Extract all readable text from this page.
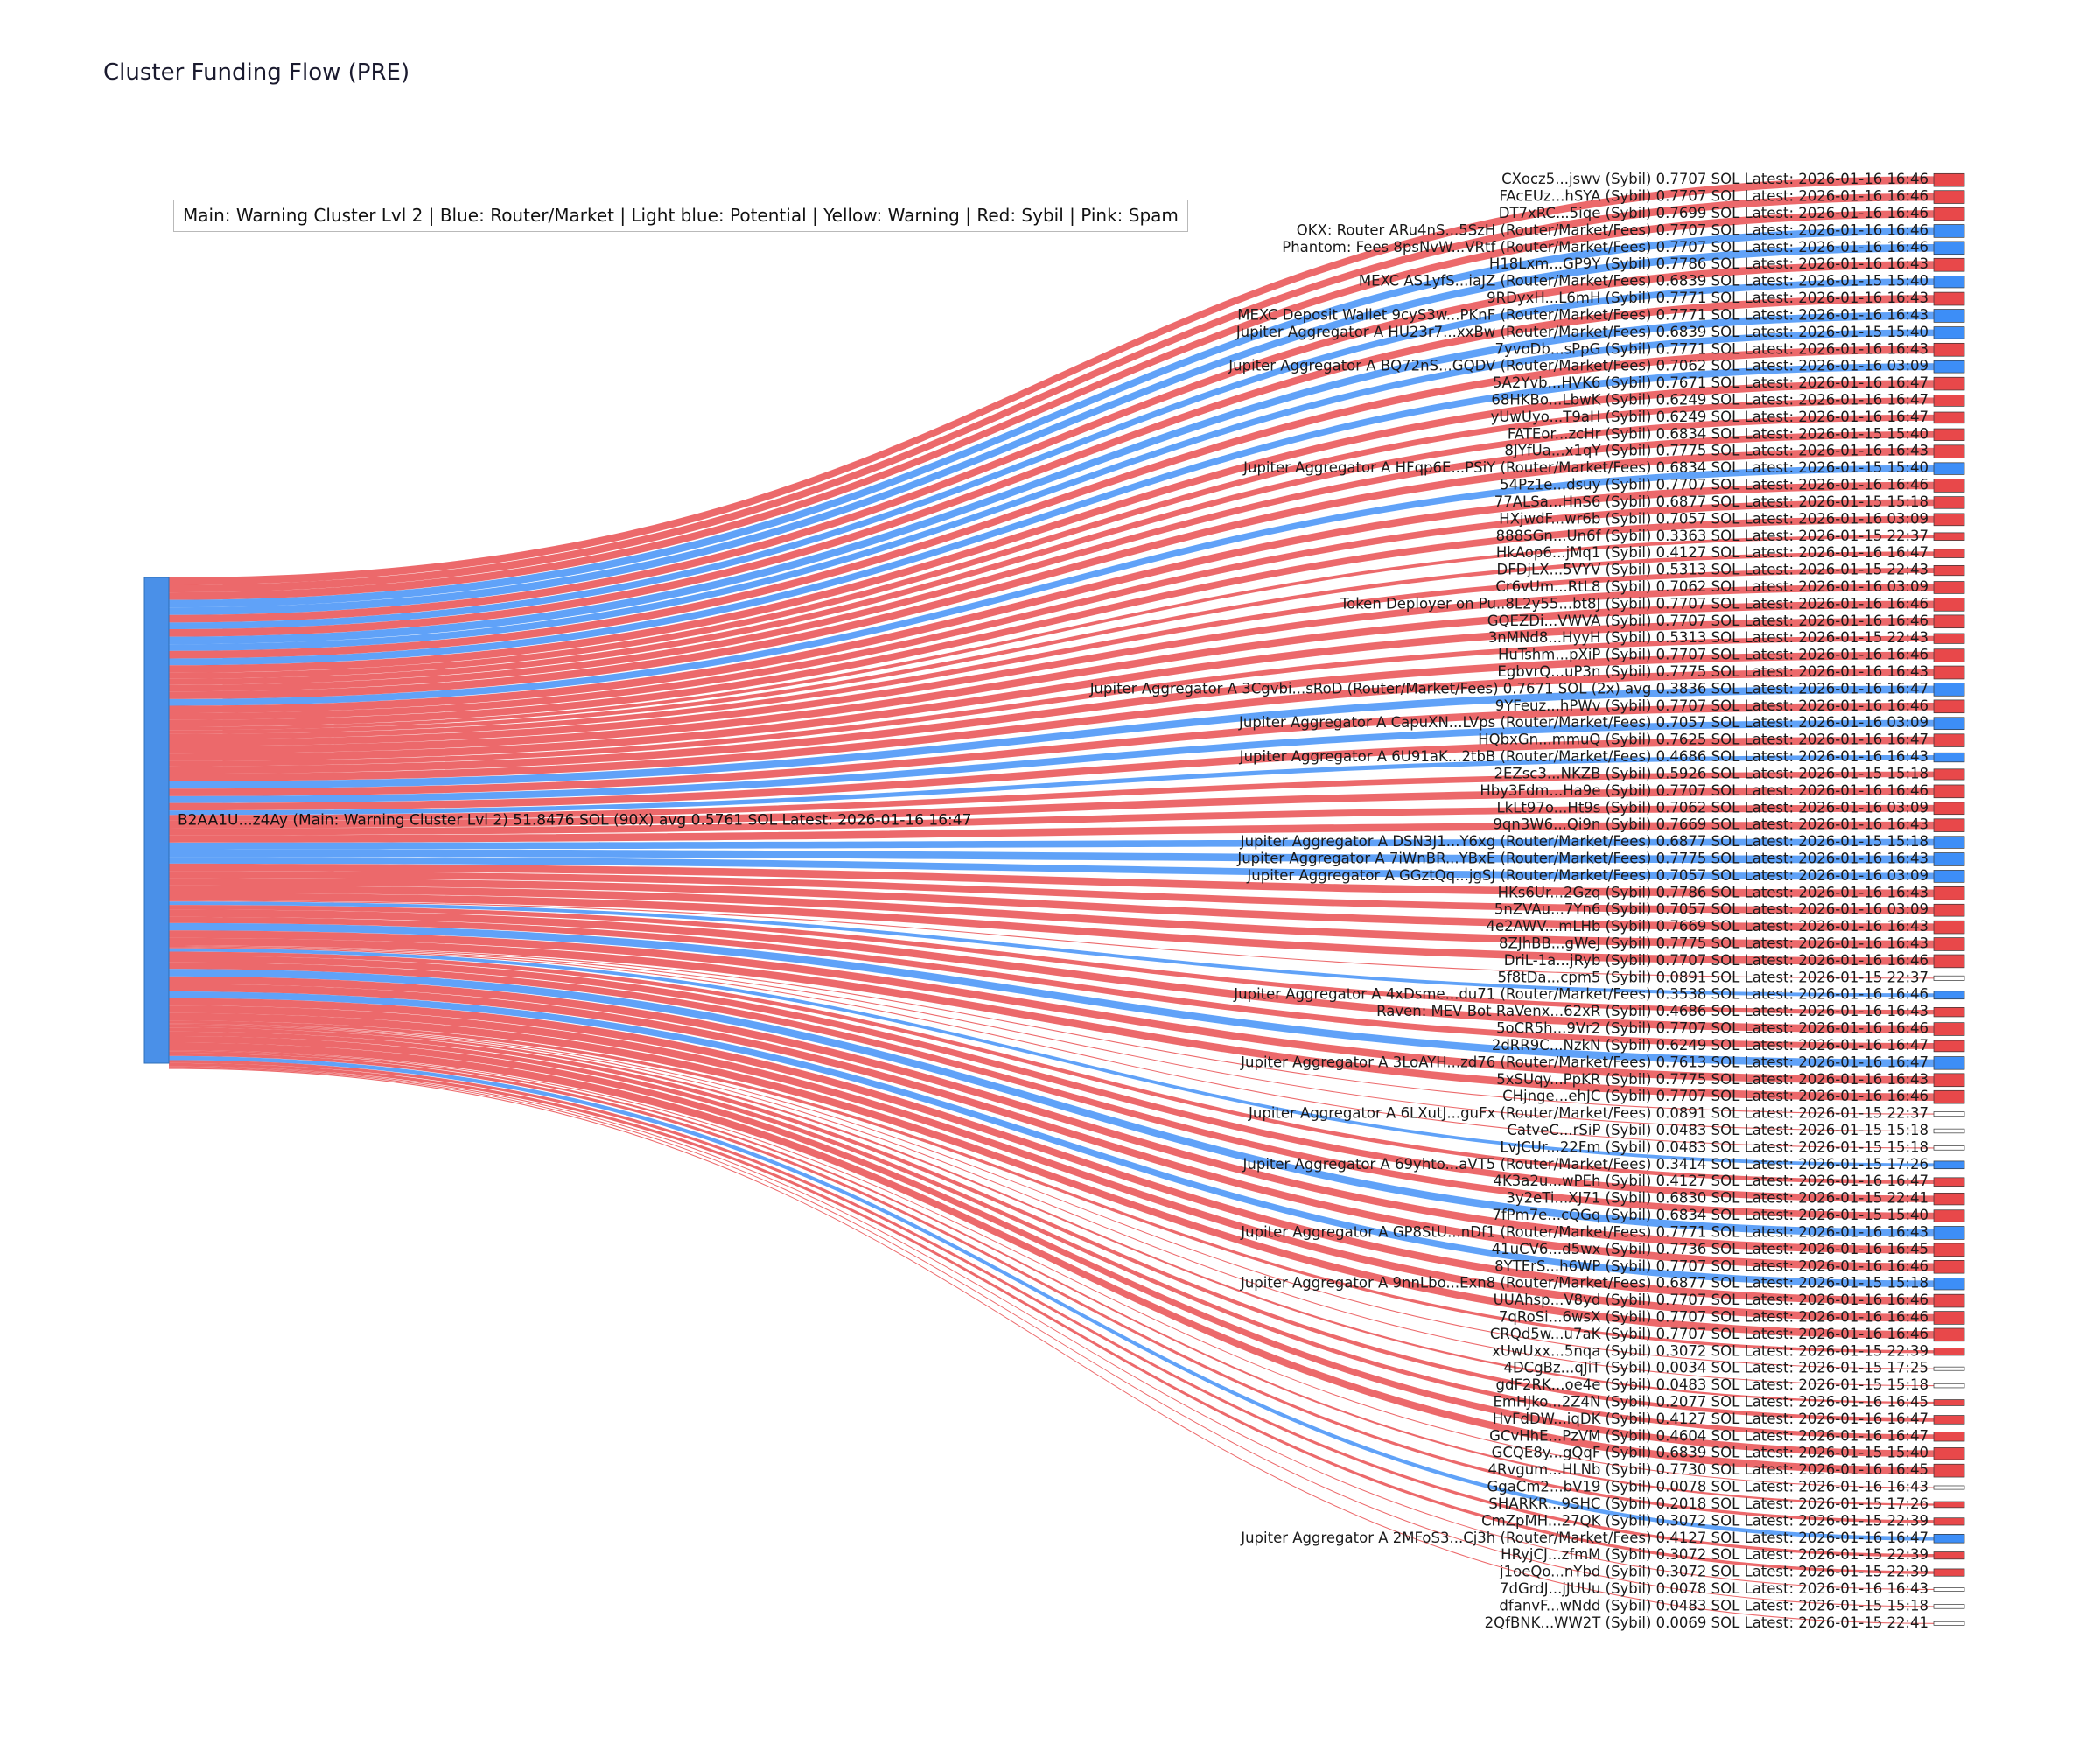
Cluster Funding Flow (PRE)
Main: Warning Cluster Lvl 2 | Blue: Router/Market | Light blue: Potential | Yellow: Warning | Red: Sybil | Pink: Spam
CXocz5...jswv (Sybil) 0.7707 SOL Latest: 2026-01-16 16:46
FAcEUz...hSYA (Sybil) 0.7707 SOL Latest: 2026-01-16 16:46
DT7xRC...5iqe (Sybil) 0.7699 SOL Latest: 2026-01-16 16:46
OKX: Router ARu4nS...5SzH (Router/Market/Fees) 0.7707 SOL Latest: 2026-01-16 16:46
Phantom: Fees 8psNvW...VRtf (Router/Market/Fees) 0.7707 SOL Latest: 2026-01-16 16:46
H18Lxm...GP9Y (Sybil) 0.7786 SOL Latest: 2026-01-16 16:43
MEXC AS1yfS...iaJZ (Router/Market/Fees) 0.6839 SOL Latest: 2026-01-15 15:40
9RDyxH...L6mH (Sybil) 0.7771 SOL Latest: 2026-01-16 16:43
MEXC Deposit Wallet 9cyS3w...PKnF (Router/Market/Fees) 0.7771 SOL Latest: 2026-01-16 16:43
Jupiter Aggregator A HU23r7...xxBw (Router/Market/Fees) 0.6839 SOL Latest: 2026-01-15 15:40
7yvoDb...sPpG (Sybil) 0.7771 SOL Latest: 2026-01-16 16:43
Jupiter Aggregator A BQ72nS...GQDV (Router/Market/Fees) 0.7062 SOL Latest: 2026-01-16 03:09
5A2Yvb...HVK6 (Sybil) 0.7671 SOL Latest: 2026-01-16 16:47
68HKBo...LbwK (Sybil) 0.6249 SOL Latest: 2026-01-16 16:47
yUwUyo...T9aH (Sybil) 0.6249 SOL Latest: 2026-01-16 16:47
FATEor...zcHr (Sybil) 0.6834 SOL Latest: 2026-01-15 15:40
8JYfUa...x1qY (Sybil) 0.7775 SOL Latest: 2026-01-16 16:43
Jupiter Aggregator A HFqp6E...PSiY (Router/Market/Fees) 0.6834 SOL Latest: 2026-01-15 15:40
54Pz1e...dsuy (Sybil) 0.7707 SOL Latest: 2026-01-16 16:46
77ALSa...HnS6 (Sybil) 0.6877 SOL Latest: 2026-01-15 15:18
HXjwdF...wr6b (Sybil) 0.7057 SOL Latest: 2026-01-16 03:09
888SGn...Un6f (Sybil) 0.3363 SOL Latest: 2026-01-15 22:37
HkAop6...jMq1 (Sybil) 0.4127 SOL Latest: 2026-01-16 16:47
DFDjLX...5VYV (Sybil) 0.5313 SOL Latest: 2026-01-15 22:43
Cr6vUm...RtL8 (Sybil) 0.7062 SOL Latest: 2026-01-16 03:09
Token Deployer on Pu..8L2y55...bt8J (Sybil) 0.7707 SOL Latest: 2026-01-16 16:46
GQEZDi...VWVA (Sybil) 0.7707 SOL Latest: 2026-01-16 16:46
3nMNd8...HyyH (Sybil) 0.5313 SOL Latest: 2026-01-15 22:43
HuTshm...pXiP (Sybil) 0.7707 SOL Latest: 2026-01-16 16:46
EgbvrQ...uP3n (Sybil) 0.7775 SOL Latest: 2026-01-16 16:43
Jupiter Aggregator A 3Cgvbi...sRoD (Router/Market/Fees) 0.7671 SOL (2x) avg 0.3836 SOL Latest: 2026-01-16 16:47
9YFeuz...hPWv (Sybil) 0.7707 SOL Latest: 2026-01-16 16:46
Jupiter Aggregator A CapuXN...LVps (Router/Market/Fees) 0.7057 SOL Latest: 2026-01-16 03:09
HQbxGn...mmuQ (Sybil) 0.7625 SOL Latest: 2026-01-16 16:47
Jupiter Aggregator A 6U91aK...2tbB (Router/Market/Fees) 0.4686 SOL Latest: 2026-01-16 16:43
2EZsc3...NKZB (Sybil) 0.5926 SOL Latest: 2026-01-15 15:18
Hby3Fdm...Ha9e (Sybil) 0.7707 SOL Latest: 2026-01-16 16:46
LkLt97o...Ht9s (Sybil) 0.7062 SOL Latest: 2026-01-16 03:09
9qn3W6...Qi9n (Sybil) 0.7669 SOL Latest: 2026-01-16 16:43
Jupiter Aggregator A DSN3J1...Y6xg (Router/Market/Fees) 0.6877 SOL Latest: 2026-01-15 15:18
Jupiter Aggregator A 7iWnBR...YBxE (Router/Market/Fees) 0.7775 SOL Latest: 2026-01-16 16:43
Jupiter Aggregator A GGztQq...jgSJ (Router/Market/Fees) 0.7057 SOL Latest: 2026-01-16 03:09
HKs6Ur...2Gzq (Sybil) 0.7786 SOL Latest: 2026-01-16 16:43
5nZVAu...7Yn6 (Sybil) 0.7057 SOL Latest: 2026-01-16 03:09
4e2AWV...mLHb (Sybil) 0.7669 SOL Latest: 2026-01-16 16:43
8ZJhBB...gWeJ (Sybil) 0.7775 SOL Latest: 2026-01-16 16:43
DriL-1a...jRyb (Sybil) 0.7707 SOL Latest: 2026-01-16 16:46
5f8tDa...cpm5 (Sybil) 0.0891 SOL Latest: 2026-01-15 22:37
Jupiter Aggregator A 4xDsme...du71 (Router/Market/Fees) 0.3538 SOL Latest: 2026-01-16 16:46
Raven: MEV Bot RaVenx...62xR (Sybil) 0.4686 SOL Latest: 2026-01-16 16:43
5oCR5h...9Vr2 (Sybil) 0.7707 SOL Latest: 2026-01-16 16:46
2dRR9C...NzkN (Sybil) 0.6249 SOL Latest: 2026-01-16 16:47
Jupiter Aggregator A 3LoAYH...zd76 (Router/Market/Fees) 0.7613 SOL Latest: 2026-01-16 16:47
5xSUqy...PpKR (Sybil) 0.7775 SOL Latest: 2026-01-16 16:43
CHjnge...ehJC (Sybil) 0.7707 SOL Latest: 2026-01-16 16:46
Jupiter Aggregator A 6LXutJ...guFx (Router/Market/Fees) 0.0891 SOL Latest: 2026-01-15 22:37
CatveC...rSiP (Sybil) 0.0483 SOL Latest: 2026-01-15 15:18
LvJCUr...22Fm (Sybil) 0.0483 SOL Latest: 2026-01-15 15:18
Jupiter Aggregator A 69yhto...aVT5 (Router/Market/Fees) 0.3414 SOL Latest: 2026-01-15 17:26
4K3a2u...wPEh (Sybil) 0.4127 SOL Latest: 2026-01-16 16:47
3y2eTi...XJ71 (Sybil) 0.6830 SOL Latest: 2026-01-15 22:41
7fPm7e...cQGq (Sybil) 0.6834 SOL Latest: 2026-01-15 15:40
Jupiter Aggregator A GP8StU...nDf1 (Router/Market/Fees) 0.7771 SOL Latest: 2026-01-16 16:43
41uCV6...d5wx (Sybil) 0.7736 SOL Latest: 2026-01-16 16:45
8YTErS...h6WP (Sybil) 0.7707 SOL Latest: 2026-01-16 16:46
Jupiter Aggregator A 9nnLbo...Exn8 (Router/Market/Fees) 0.6877 SOL Latest: 2026-01-15 15:18
UUAhsp...V8yd (Sybil) 0.7707 SOL Latest: 2026-01-16 16:46
7qRoSi...6wsX (Sybil) 0.7707 SOL Latest: 2026-01-16 16:46
CRQd5w...u7aK (Sybil) 0.7707 SOL Latest: 2026-01-16 16:46
xUwUxx...5nqa (Sybil) 0.3072 SOL Latest: 2026-01-15 22:39
4DCgBz...qJiT (Sybil) 0.0034 SOL Latest: 2026-01-15 17:25
gdF2RK...oe4e (Sybil) 0.0483 SOL Latest: 2026-01-15 15:18
EmHJko...2Z4N (Sybil) 0.2077 SOL Latest: 2026-01-16 16:45
HvFdDW...iqDK (Sybil) 0.4127 SOL Latest: 2026-01-16 16:47
GCvHhE...PzVM (Sybil) 0.4604 SOL Latest: 2026-01-16 16:47
GCQE8y...gQqF (Sybil) 0.6839 SOL Latest: 2026-01-15 15:40
4Rvgum...HLNb (Sybil) 0.7730 SOL Latest: 2026-01-16 16:45
GgaCm2...bV19 (Sybil) 0.0078 SOL Latest: 2026-01-16 16:43
SHARKR...9SHC (Sybil) 0.2018 SOL Latest: 2026-01-15 17:26
CmZpMH...27QK (Sybil) 0.3072 SOL Latest: 2026-01-15 22:39
Jupiter Aggregator A 2MFoS3...Cj3h (Router/Market/Fees) 0.4127 SOL Latest: 2026-01-16 16:47
HRyjCJ...zfmM (Sybil) 0.3072 SOL Latest: 2026-01-15 22:39
j1oeQo...nYbd (Sybil) 0.3072 SOL Latest: 2026-01-15 22:39
7dGrdJ...jJUUu (Sybil) 0.0078 SOL Latest: 2026-01-16 16:43
dfanvF...wNdd (Sybil) 0.0483 SOL Latest: 2026-01-15 15:18
2QfBNK...WW2T (Sybil) 0.0069 SOL Latest: 2026-01-15 22:41
B2AA1U...z4Ay (Main: Warning Cluster Lvl 2) 51.8476 SOL (90X) avg 0.5761 SOL Latest: 2026-01-16 16:47
